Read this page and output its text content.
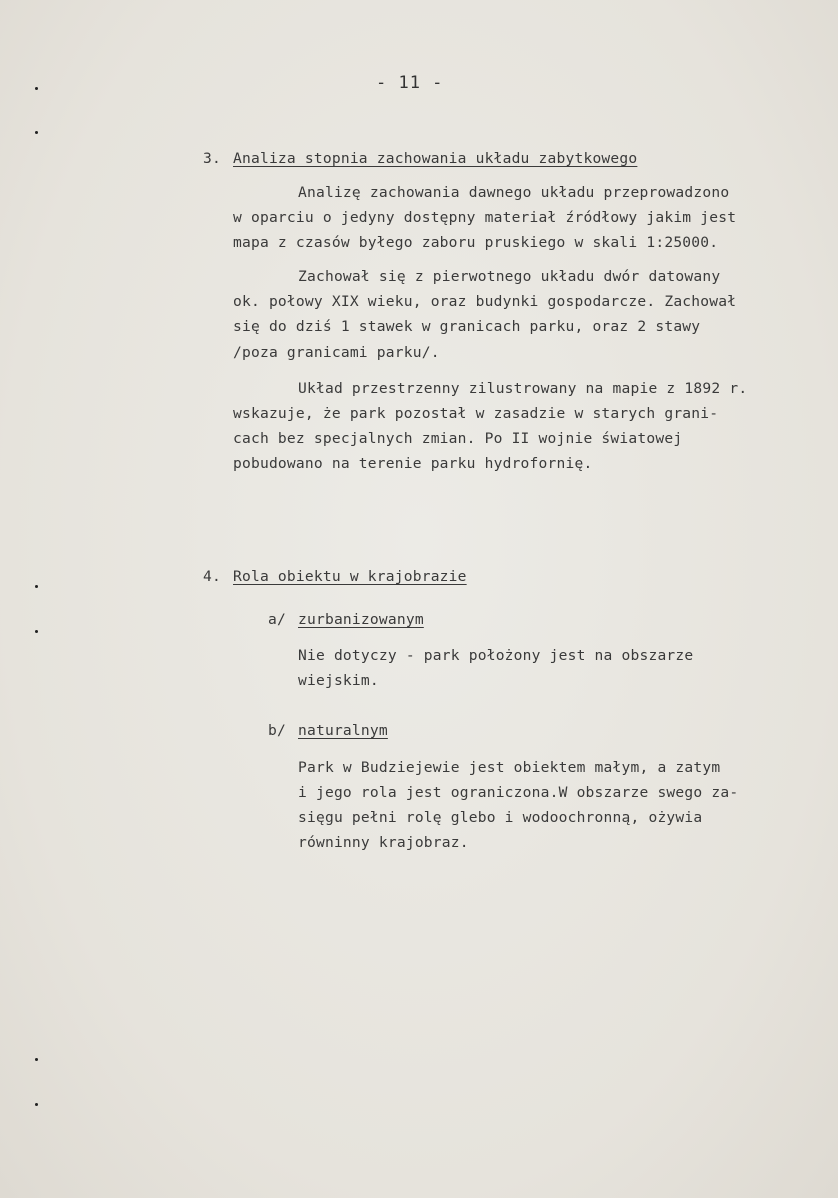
- 11 -
3. Analiza stopnia zachowania układu zabytkowego
Analizę zachowania dawnego układu przeprowadzono
w oparciu o jedyny dostępny materiał źródłowy jakim jest
mapa z czasów byłego zaboru pruskiego w skali 1:25000.
Zachował się z pierwotnego układu dwór datowany
ok. połowy XIX wieku, oraz budynki gospodarcze. Zachował
się do dziś 1 stawek w granicach parku, oraz 2 stawy
/poza granicami parku/.
Układ przestrzenny zilustrowany na mapie z 1892 r.
wskazuje, że park pozostał w zasadzie w starych grani-
cach bez specjalnych zmian. Po II wojnie światowej
pobudowano na terenie parku hydrofornię.
4. Rola obiektu w krajobrazie
a/ zurbanizowanym
Nie dotyczy - park położony jest na obszarze
wiejskim.
b/ naturalnym
Park w Budziejewie jest obiektem małym, a zatym
i jego rola jest ograniczona.W obszarze swego za-
sięgu pełni rolę glebo i wodoochronną, ożywia
równinny krajobraz.
